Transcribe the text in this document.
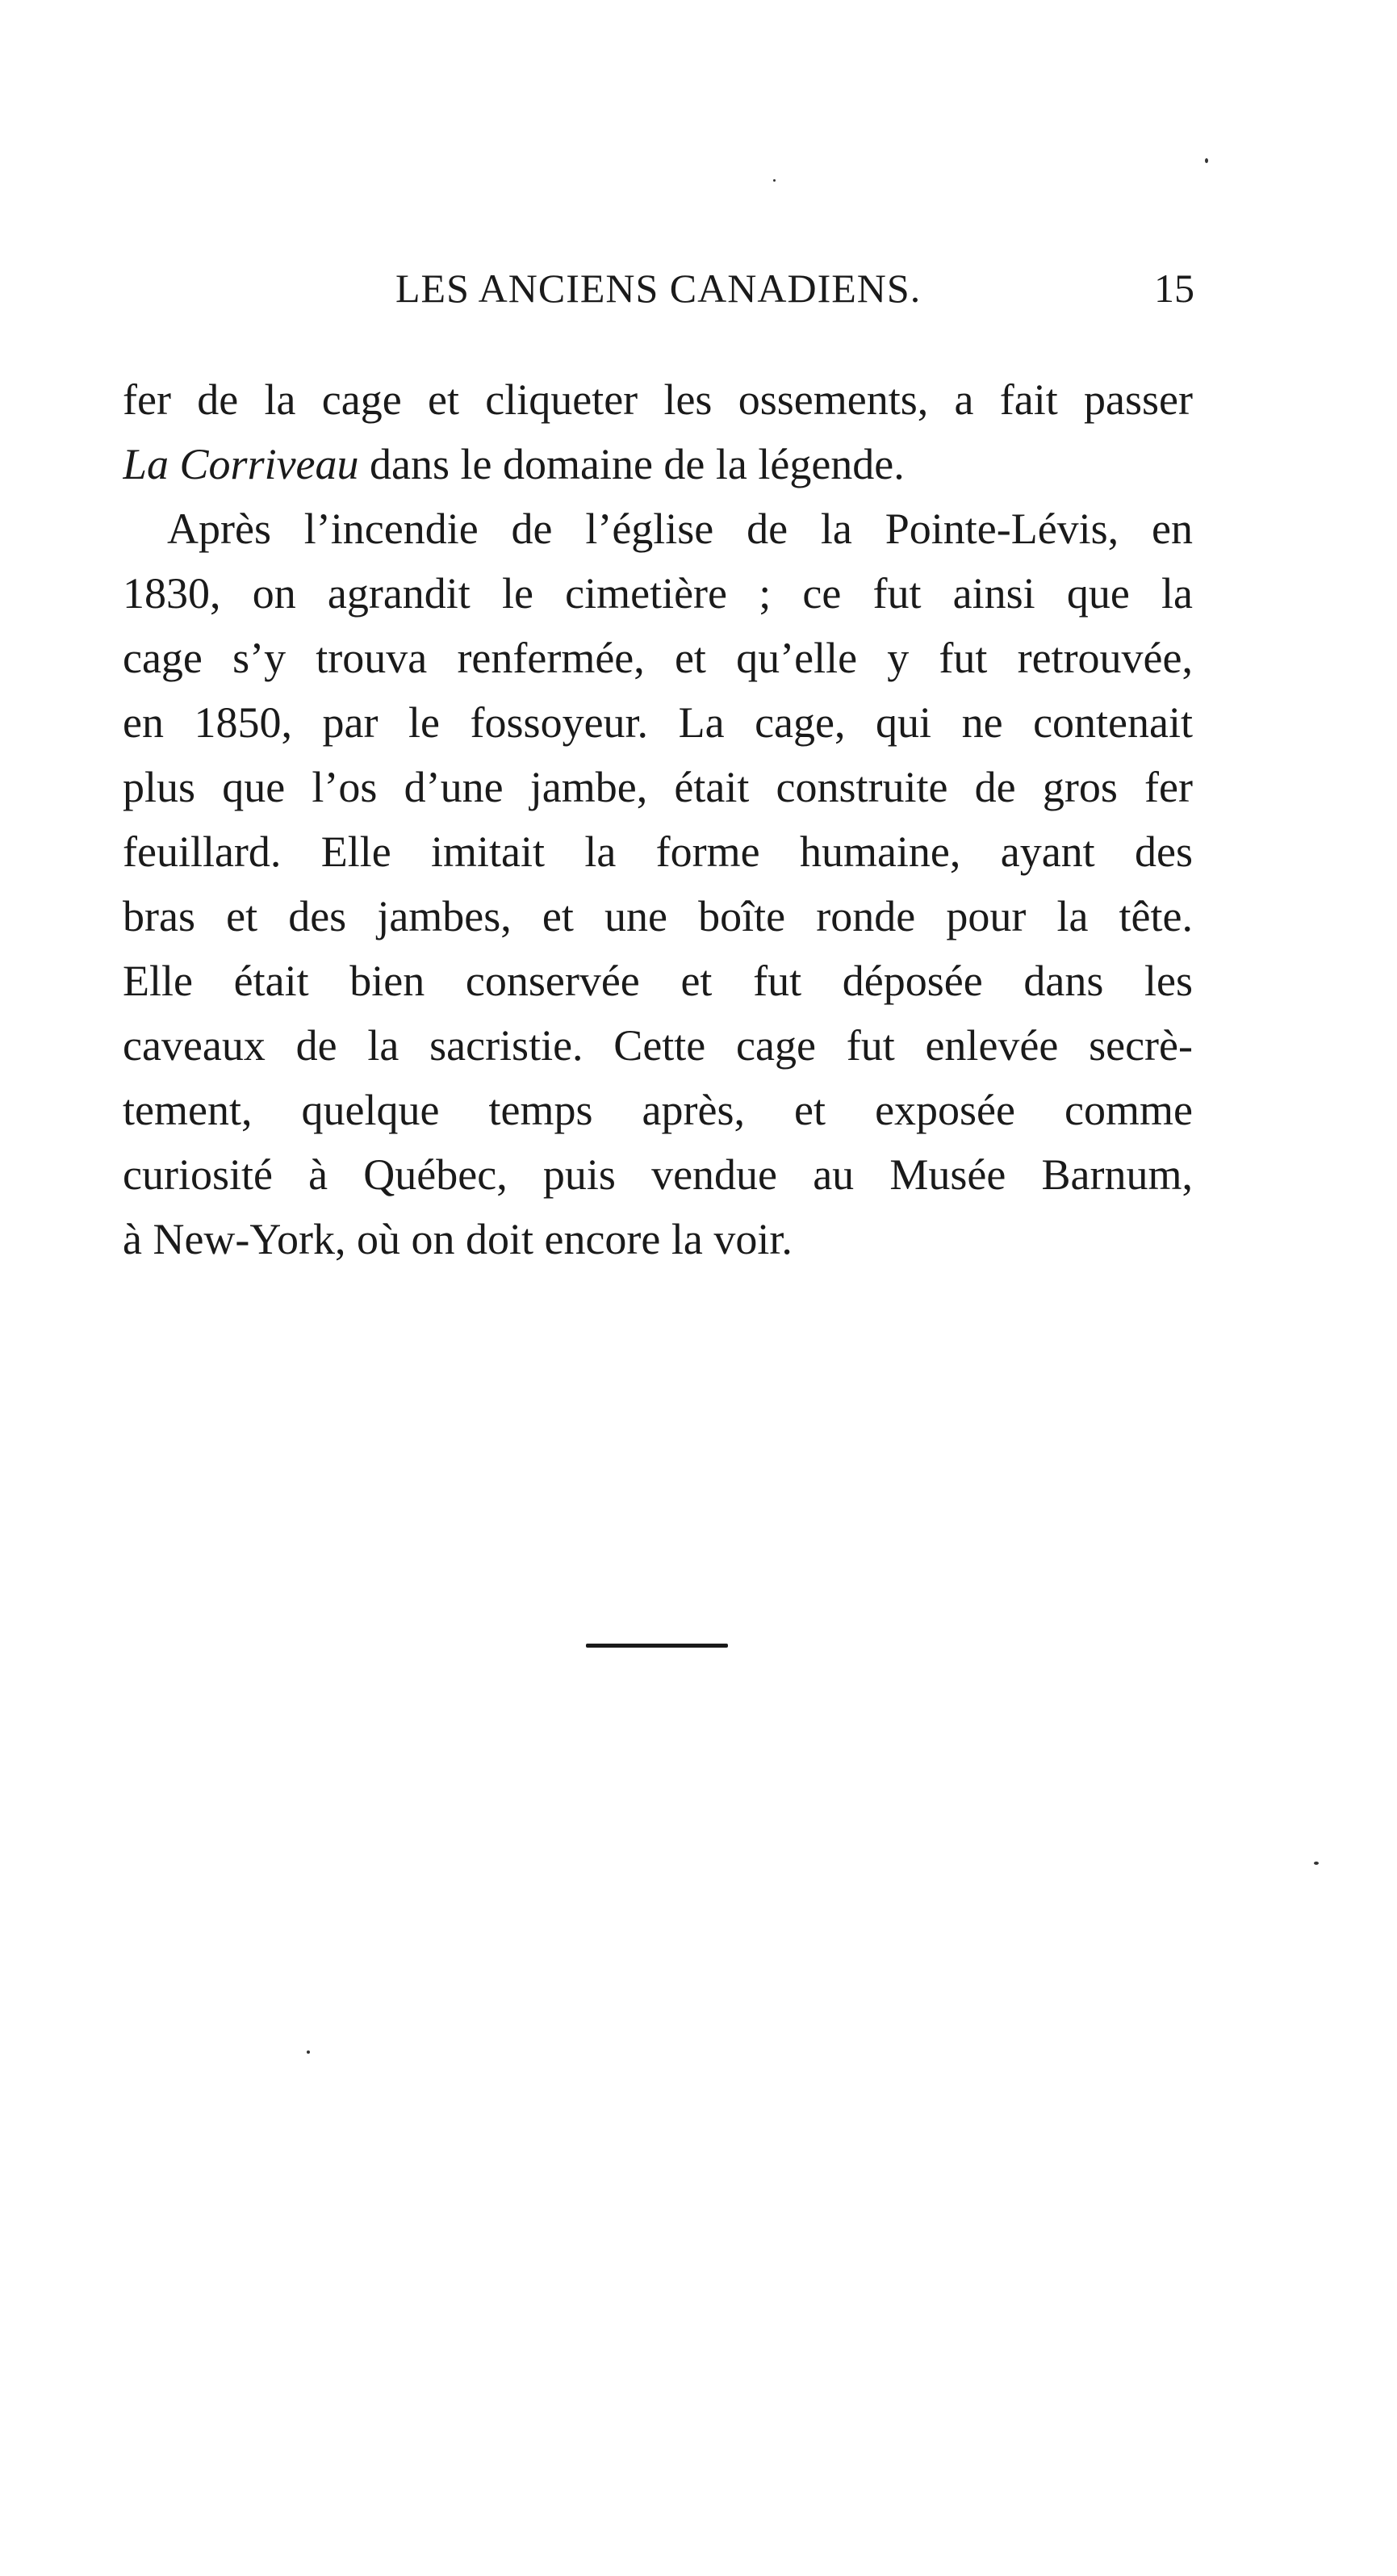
LES ANCIENS CANADIENS.	15
fer de la cage et cliqueter les ossements, a fait passer
La Corriveau dans le domaine de la légende.
Après l’incendie de l’église de la Pointe-Lévis, en
1830, on agrandit le cimetière ; ce fut ainsi que la
cage s’y trouva renfermée, et qu’elle y fut retrouvée,
en 1850, par le fossoyeur. La cage, qui ne contenait
plus que l’os d’une jambe, était construite de gros fer
feuillard. Elle imitait la forme humaine, ayant des
bras et des jambes, et une boîte ronde pour la tête.
Elle était bien conservée et fut déposée dans les
caveaux de la sacristie. Cette cage fut enlevée secrè-
tement, quelque temps après, et exposée comme
curiosité à Québec, puis vendue au Musée Barnum,
à New-York, où on doit encore la voir.
